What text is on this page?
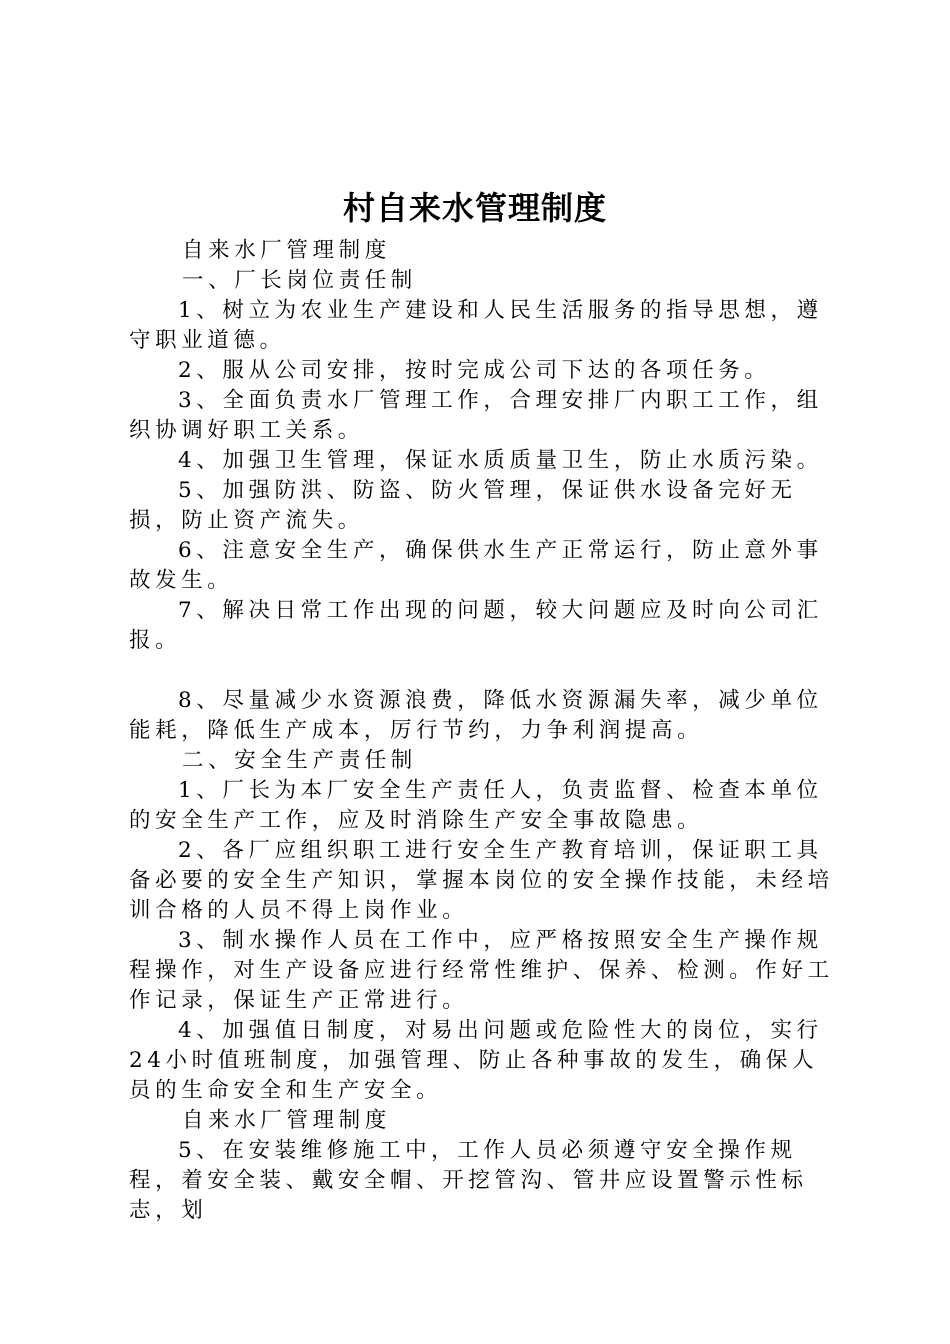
村自来水管理制度

自来水厂管理制度

一、厂长岗位责任制

1、树立为农业生产建设和人民生活服务的指导思想，遵守职业道德。

2、服从公司安排，按时完成公司下达的各项任务。

3、全面负责水厂管理工作，合理安排厂内职工工作，组织协调好职工关系。

4、加强卫生管理，保证水质质量卫生，防止水质污染。

5、加强防洪、防盗、防火管理，保证供水设备完好无损，防止资产流失。

6、注意安全生产，确保供水生产正常运行，防止意外事故发生。

7、解决日常工作出现的问题，较大问题应及时向公司汇报。

8、尽量减少水资源浪费，降低水资源漏失率，减少单位能耗，降低生产成本，厉行节约，力争利润提高。

二、安全生产责任制

1、厂长为本厂安全生产责任人，负责监督、检查本单位的安全生产工作，应及时消除生产安全事故隐患。

2、各厂应组织职工进行安全生产教育培训，保证职工具备必要的安全生产知识，掌握本岗位的安全操作技能，未经培训合格的人员不得上岗作业。

3、制水操作人员在工作中，应严格按照安全生产操作规程操作，对生产设备应进行经常性维护、保养、检测。作好工作记录，保证生产正常进行。

4、加强值日制度，对易出问题或危险性大的岗位，实行24小时值班制度，加强管理、防止各种事故的发生，确保人员的生命安全和生产安全。

自来水厂管理制度

5、在安装维修施工中，工作人员必须遵守安全操作规程，着安全装、戴安全帽、开挖管沟、管井应设置警示性标志，划
